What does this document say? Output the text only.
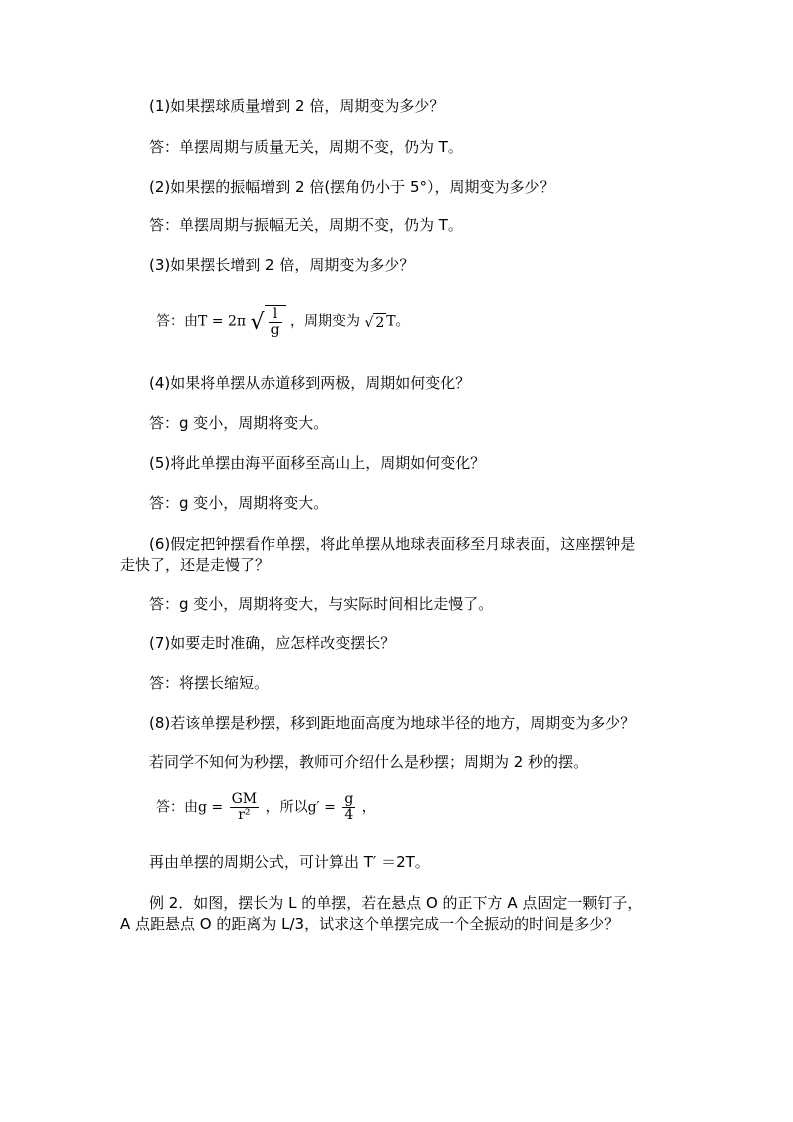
(1)如果摆球质量增到 2 倍，周期变为多少？
答：单摆周期与质量无关，周期不变，仍为 T。
(2)如果摆的振幅增到 2 倍(摆角仍小于 5°），周期变为多少？
答：单摆周期与振幅无关，周期不变，仍为 T。
(3)如果摆长增到 2 倍，周期变为多少？
答：由T = 2π √ $\frac{l}{g}$ ，周期变为 √ 2 T。
(4)如果将单摆从赤道移到两极，周期如何变化？
答：g 变小，周期将变大。
(5)将此单摆由海平面移至高山上，周期如何变化？
答：g 变小，周期将变大。
(6)假定把钟摆看作单摆，将此单摆从地球表面移至月球表面，这座摆钟是
走快了，还是走慢了？
答：g 变小，周期将变大，与实际时间相比走慢了。
(7)如要走时准确，应怎样改变摆长？
答：将摆长缩短。
(8)若该单摆是秒摆，移到距地面高度为地球半径的地方，周期变为多少？
若同学不知何为秒摆，教师可介绍什么是秒摆；周期为 2 秒的摆。
答：由$g = \frac{GM}{\text{r²}}$ ，所以$g' = \frac{g}{4}$ ，
再由单摆的周期公式，可计算出 T′ ＝2T。
例 2．如图，摆长为 L 的单摆，若在悬点 O 的正下方 A 点固定一颗钉子，
A 点距悬点 O 的距离为 L/3，试求这个单摆完成一个全振动的时间是多少？
